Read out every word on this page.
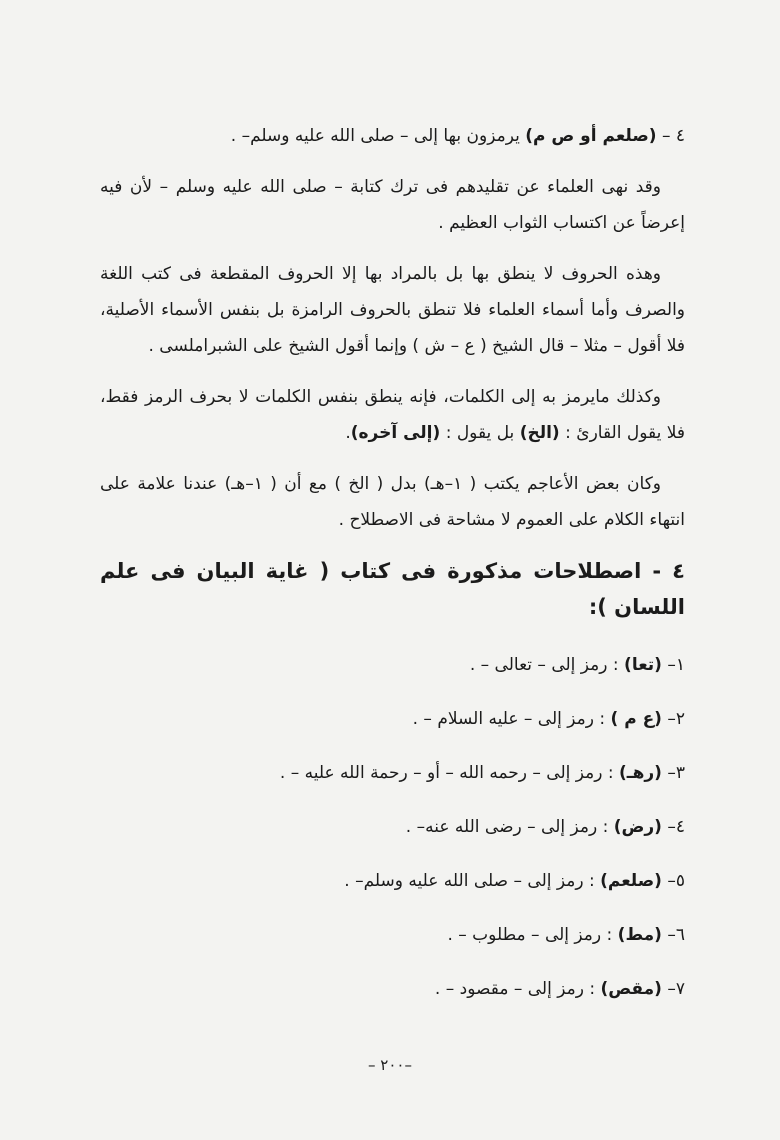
٤ – (صلعم أو ص م) يرمزون بها إلى – صلى الله عليه وسلم– .

وقد نهى العلماء عن تقليدهم فى ترك كتابة – صلى الله عليه وسلم – لأن فيه إعرضاً عن اكتساب الثواب العظيم .

وهذه الحروف لا ينطق بها بل بالمراد بها إلا الحروف المقطعة فى كتب اللغة والصرف وأما أسماء العلماء فلا تنطق بالحروف الرامزة بل بنفس الأسماء الأصلية، فلا أقول – مثلا – قال الشيخ ( ع – ش ) وإنما أقول الشيخ على الشبراملسى .

وكذلك مايرمز به إلى الكلمات، فإنه ينطق بنفس الكلمات لا بحرف الرمز فقط، فلا يقول القارئ : (الخ) بل يقول : (إلى آخره).

وكان بعض الأعاجم يكتب ( ١–هـ) بدل ( الخ ) مع أن ( ١–هـ) عندنا علامة على انتهاء الكلام على العموم لا مشاحة فى الاصطلاح .

٤ - اصطلاحات مذكورة فى كتاب ( غاية البيان فى علم اللسان ):
١– (تعا) : رمز إلى – تعالى – .
٢– (ع م ) : رمز إلى – عليه السلام – .
٣– (رهـ) : رمز إلى – رحمه الله – أو – رحمة الله عليه – .
٤– (رض) : رمز إلى – رضى الله عنه– .
٥– (صلعم) : رمز إلى – صلى الله عليه وسلم– .
٦– (مط) : رمز إلى – مطلوب – .
٧– (مقص) : رمز إلى – مقصود – .
–٢٠٠ –
